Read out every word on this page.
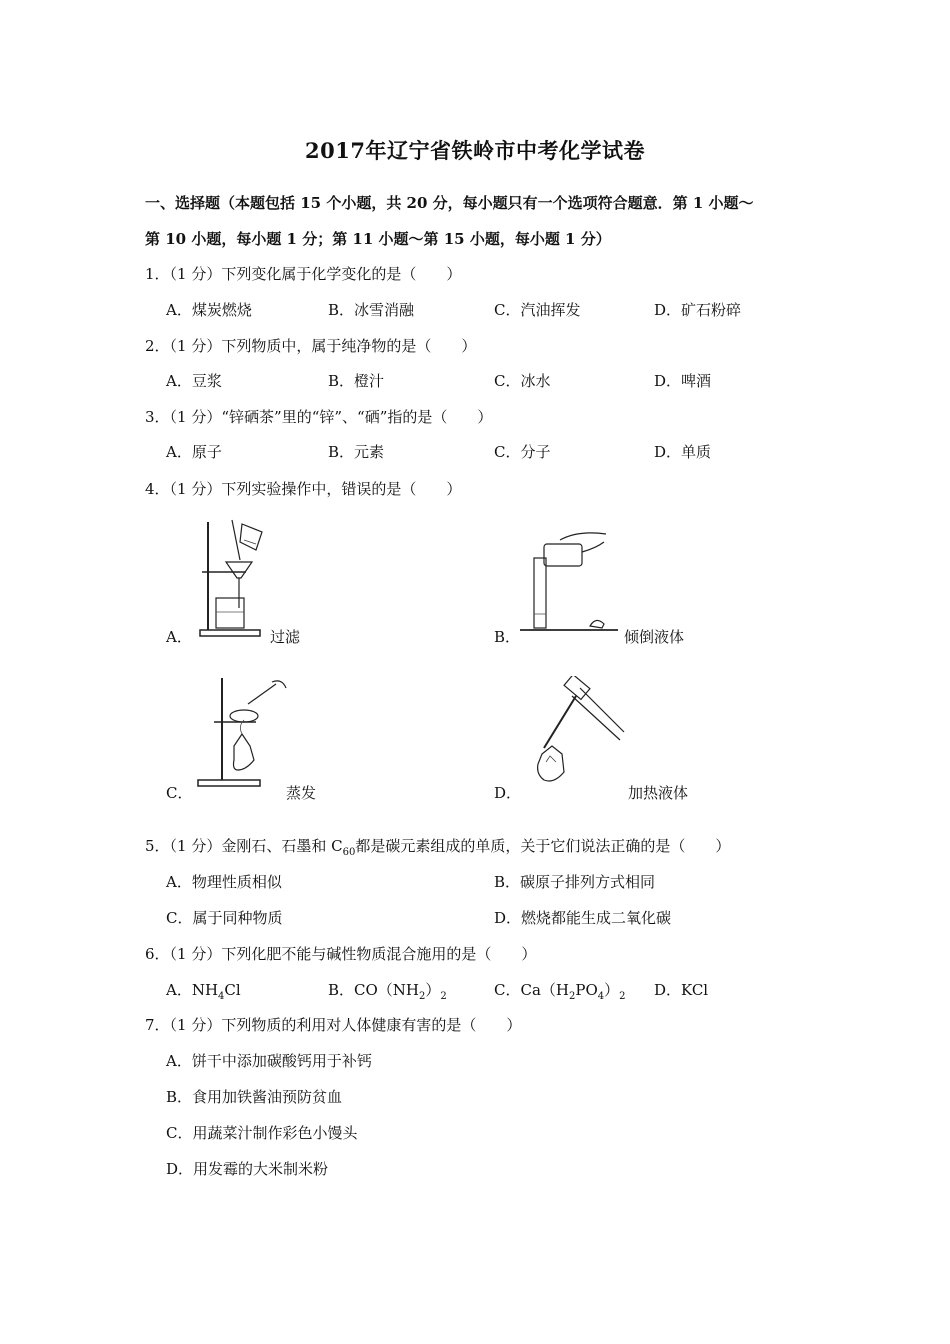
2017年辽宁省铁岭市中考化学试卷
一、选择题（本题包括 15 个小题，共 20 分，每小题只有一个选项符合题意．第 1 小题～
第 10 小题，每小题 1 分；第 11 小题～第 15 小题，每小题 1 分）
1．（1 分）下列变化属于化学变化的是（　　）
A．煤炭燃烧	B．冰雪消融	C．汽油挥发	D．矿石粉碎
2．（1 分）下列物质中，属于纯净物的是（　　）
A．豆浆	B．橙汁	C．冰水	D．啤酒
3．（1 分）“锌硒茶”里的“锌”、“硒”指的是（　　）
A．原子	B．元素	C．分子	D．单质
4．（1 分）下列实验操作中，错误的是（　　）
A．	过滤	B．	倾倒液体
C．	蒸发	D．	加热液体
5．（1 分）金刚石、石墨和 $C_{60}$都是碳元素组成的单质，关于它们说法正确的是（　　）
A．物理性质相似	B．碳原子排列方式相同
C．属于同种物质	D．燃烧都能生成二氧化碳
6．（1 分）下列化肥不能与碱性物质混合施用的是（　　）
A．$NH_4Cl$	B．$CO(NH_2)_2$	C．$Ca(H_2PO_4)_2$ D．KCl
7．（1 分）下列物质的利用对人体健康有害的是（　　）
A．饼干中添加碳酸钙用于补钙
B．食用加铁酱油预防贫血
C．用蔬菜汁制作彩色小馒头
D．用发霉的大米制米粉
